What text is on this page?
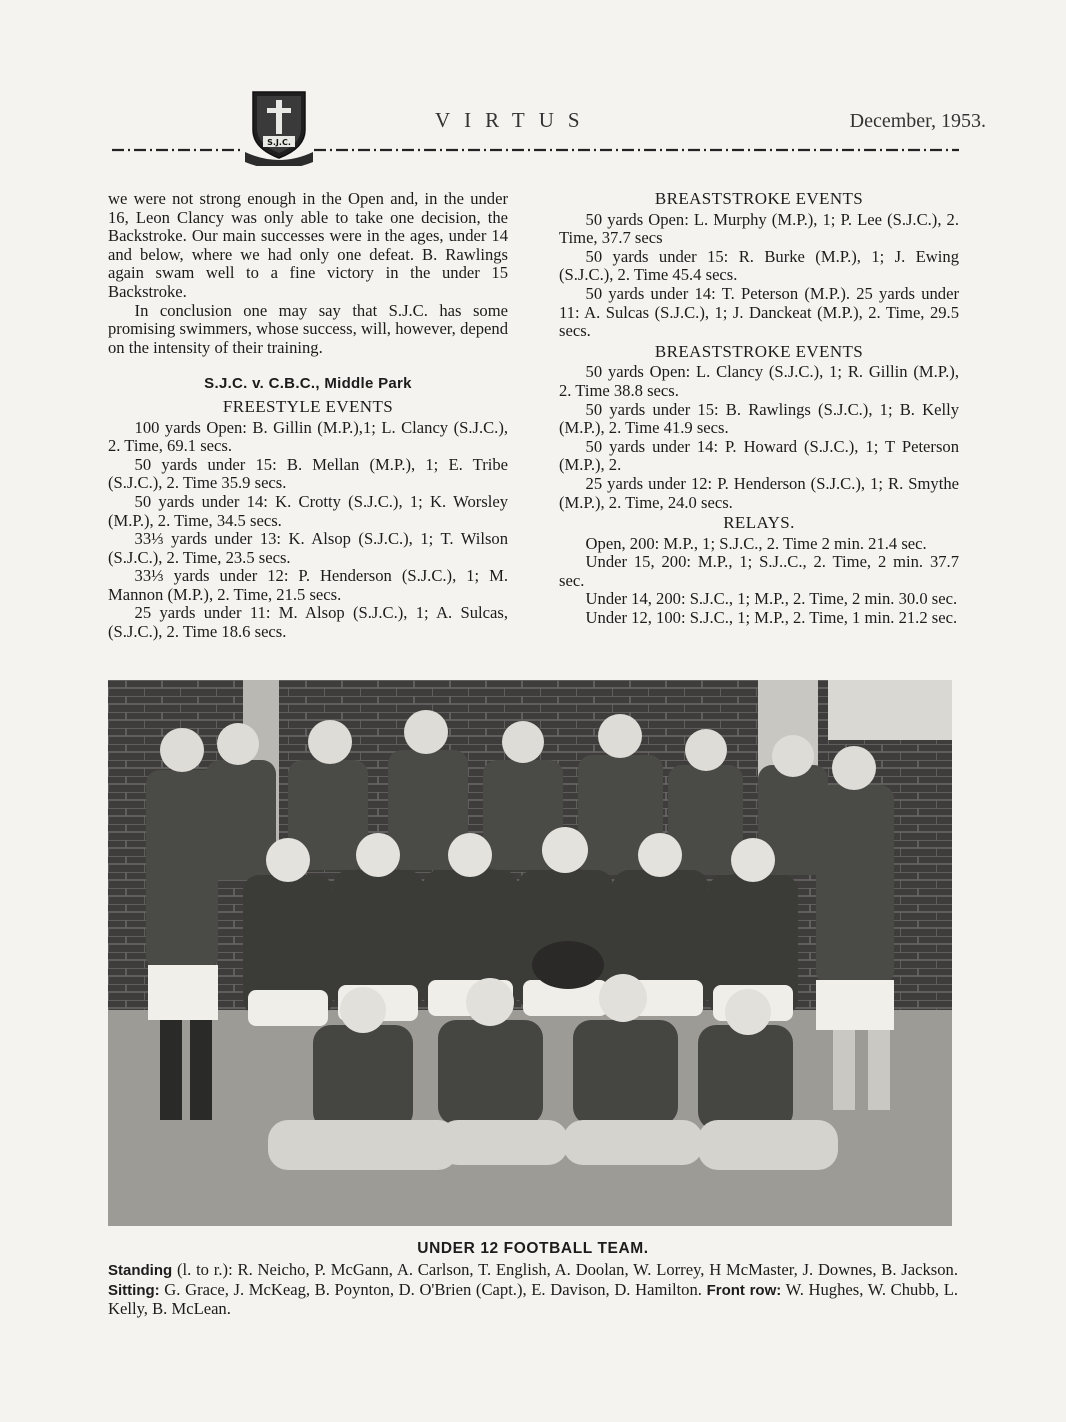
S.J.C.
VIRTUS	December, 1953.

we were not strong enough in the Open and, in the under 16, Leon Clancy was only able to take one decision, the Backstroke. Our main successes were in the ages, under 14 and below, where we had only one defeat. B. Rawlings again swam well to a fine victory in the under 15 Backstroke.

In conclusion one may say that S.J.C. has some promising swimmers, whose success, will, however, depend on the intensity of their training.

S.J.C. v. C.B.C., Middle Park
FREESTYLE EVENTS

100 yards Open: B. Gillin (M.P.),1; L. Clancy (S.J.C.), 2. Time, 69.1 secs.

50 yards under 15: B. Mellan (M.P.), 1; E. Tribe (S.J.C.), 2. Time 35.9 secs.

50 yards under 14: K. Crotty (S.J.C.), 1; K. Worsley (M.P.), 2. Time, 34.5 secs.

33⅓ yards under 13: K. Alsop (S.J.C.), 1; T. Wilson (S.J.C.), 2. Time, 23.5 secs.

33⅓ yards under 12: P. Henderson (S.J.C.), 1; M. Mannon (M.P.), 2. Time, 21.5 secs.

25 yards under 11: M. Alsop (S.J.C.), 1; A. Sulcas, (S.J.C.), 2. Time 18.6 secs.

BREASTSTROKE EVENTS

50 yards Open: L. Murphy (M.P.), 1; P. Lee (S.J.C.), 2. Time, 37.7 secs

50 yards under 15: R. Burke (M.P.), 1; J. Ewing (S.J.C.), 2. Time 45.4 secs.

50 yards under 14: T. Peterson (M.P.). 25 yards under 11: A. Sulcas (S.J.C.), 1; J. Danckeat (M.P.), 2. Time, 29.5 secs.

BREASTSTROKE EVENTS

50 yards Open: L. Clancy (S.J.C.), 1; R. Gillin (M.P.), 2. Time 38.8 secs.

50 yards under 15: B. Rawlings (S.J.C.), 1; B. Kelly (M.P.), 2. Time 41.9 secs.

50 yards under 14: P. Howard (S.J.C.), 1; T Peterson (M.P.), 2.

25 yards under 12: P. Henderson (S.J.C.), 1; R. Smythe (M.P.), 2. Time, 24.0 secs.

RELAYS.

Open, 200: M.P., 1; S.J.C., 2. Time 2 min. 21.4 sec.

Under 15, 200: M.P., 1; S.J..C., 2. Time, 2 min. 37.7 sec.

Under 14, 200: S.J.C., 1; M.P., 2. Time, 2 min. 30.0 sec.

Under 12, 100: S.J.C., 1; M.P., 2. Time, 1 min. 21.2 sec.

UNDER 12 FOOTBALL TEAM.
Standing (l. to r.): R. Neicho, P. McGann, A. Carlson, T. English, A. Doolan, W. Lorrey, H McMaster, J. Downes, B. Jackson. Sitting: G. Grace, J. McKeag, B. Poynton, D. O'Brien (Capt.), E. Davison, D. Hamilton. Front row: W. Hughes, W. Chubb, L. Kelly, B. McLean.
